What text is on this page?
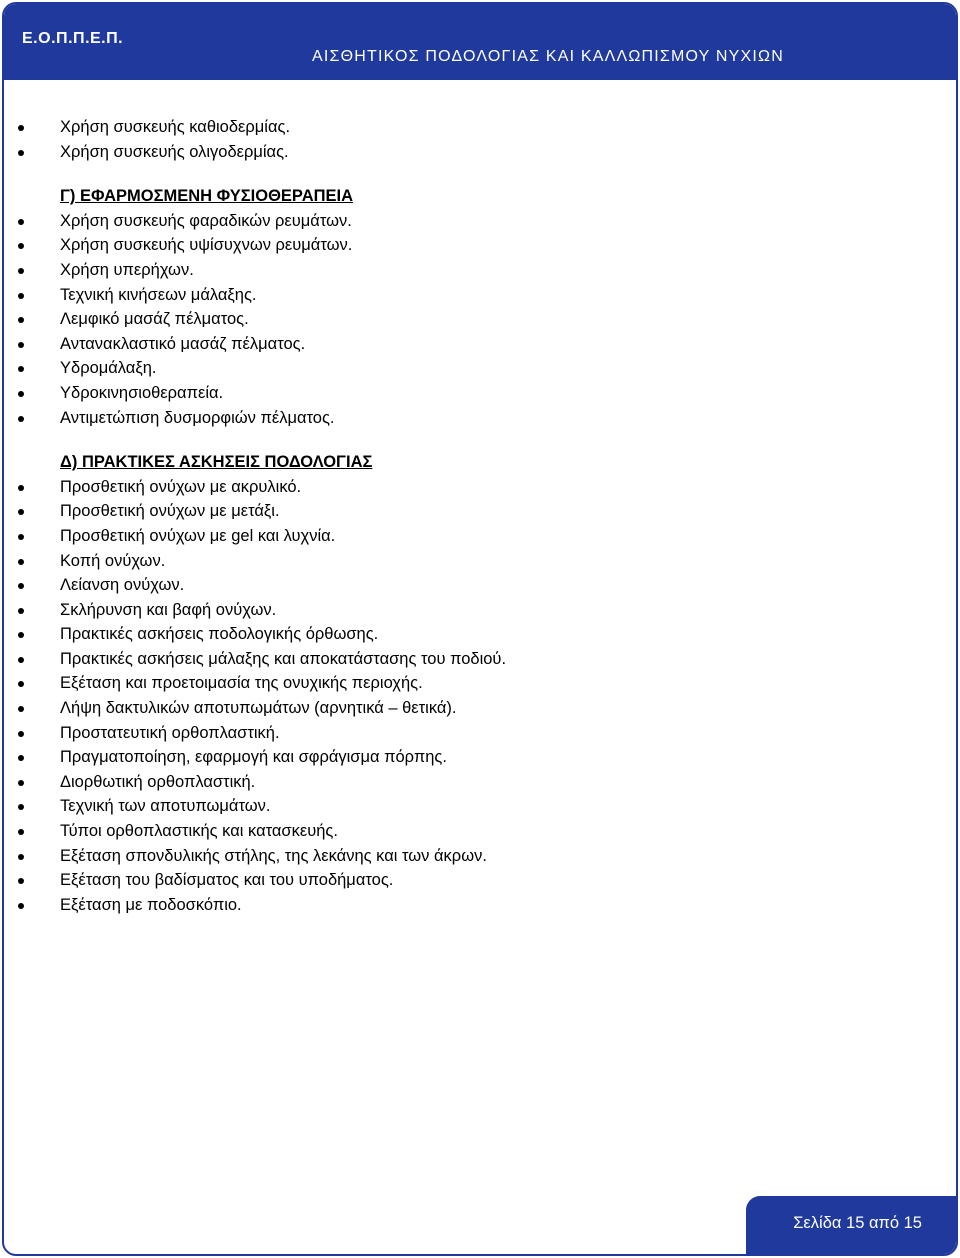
Ε.Ο.Π.Π.Ε.Π.
ΑΙΣΘΗΤΙΚΟΣ ΠΟΔΟΛΟΓΙΑΣ ΚΑΙ ΚΑΛΛΩΠΙΣΜΟΥ ΝΥΧΙΩΝ
Χρήση συσκευής καθιοδερμίας.
Χρήση συσκευής ολιγοδερμίας.
Γ) ΕΦΑΡΜΟΣΜΕΝΗ ΦΥΣΙΟΘΕΡΑΠΕΙΑ
Χρήση συσκευής φαραδικών ρευμάτων.
Χρήση συσκευής υψίσυχνων ρευμάτων.
Χρήση υπερήχων.
Τεχνική κινήσεων μάλαξης.
Λεμφικό μασάζ πέλματος.
Αντανακλαστικό μασάζ πέλματος.
Υδρομάλαξη.
Υδροκινησιοθεραπεία.
Αντιμετώπιση δυσμορφιών πέλματος.
Δ) ΠΡΑΚΤΙΚΕΣ ΑΣΚΗΣΕΙΣ ΠΟΔΟΛΟΓΙΑΣ
Προσθετική ονύχων με ακρυλικό.
Προσθετική ονύχων με μετάξι.
Προσθετική ονύχων με gel και λυχνία.
Κοπή ονύχων.
Λείανση ονύχων.
Σκλήρυνση και βαφή ονύχων.
Πρακτικές ασκήσεις ποδολογικής όρθωσης.
Πρακτικές ασκήσεις μάλαξης και αποκατάστασης του ποδιού.
Εξέταση και προετοιμασία της ονυχικής περιοχής.
Λήψη δακτυλικών αποτυπωμάτων (αρνητικά – θετικά).
Προστατευτική ορθοπλαστική.
Πραγματοποίηση, εφαρμογή και σφράγισμα πόρπης.
Διορθωτική ορθοπλαστική.
Τεχνική των αποτυπωμάτων.
Τύποι ορθοπλαστικής και κατασκευής.
Εξέταση σπονδυλικής στήλης, της λεκάνης και των άκρων.
Εξέταση του βαδίσματος και του υποδήματος.
Εξέταση με ποδοσκόπιο.
Σελίδα 15 από 15
